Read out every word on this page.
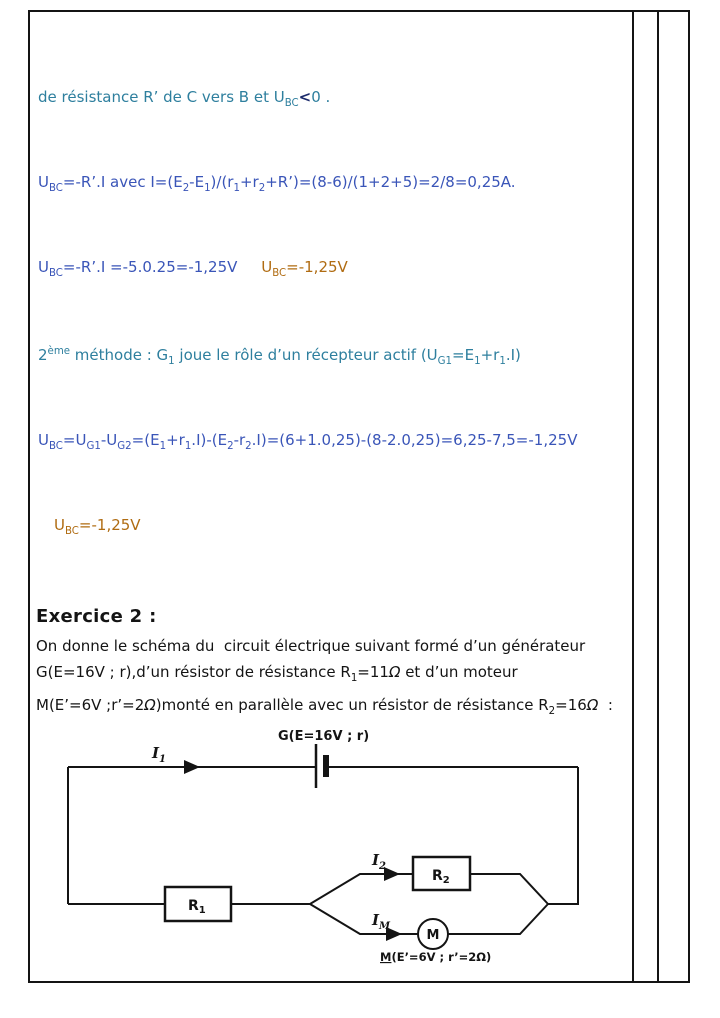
de résistance R’ de C vers B et $U_{BC}<0$ .

$U_{BC}=-R’.I$ avec $I=(E_2-E_1)/(r_1+r_2+R’)=(8-6)/(1+2+5)=2/8=0,25A$.

$U_{BC}=-R’.I =-5.0.25=-1,25V$ $U_{BC}=-1,25V$

2ème méthode : $G_1$ joue le rôle d’un récepteur actif $(U_{G1}=E_1+r_1.I)$

$U_{BC}=U_{G1}-U_{G2}=(E_1+r_1.I)-(E_2-r_2.I)=(6+1.0,25)-(8-2.0,25)=6,25-7,5=-1,25V$

$U_{BC}=-1,25V$

Exercice 2 :
On donne le schéma du  circuit électrique suivant formé d’un générateur
G(E=16V ; r),d’un résistor de résistance $R_1=11\Omega$ et d’un moteur
M(E’=6V ;r’=2Ω)monté en parallèle avec un résistor de résistance $R_2=16\Omega$  :
G(E=16V ; r)
$I_1$
$I_2$
$I_M$
$R_1$
$R_2$
M
M(E’=6V ; r’=2Ω)
